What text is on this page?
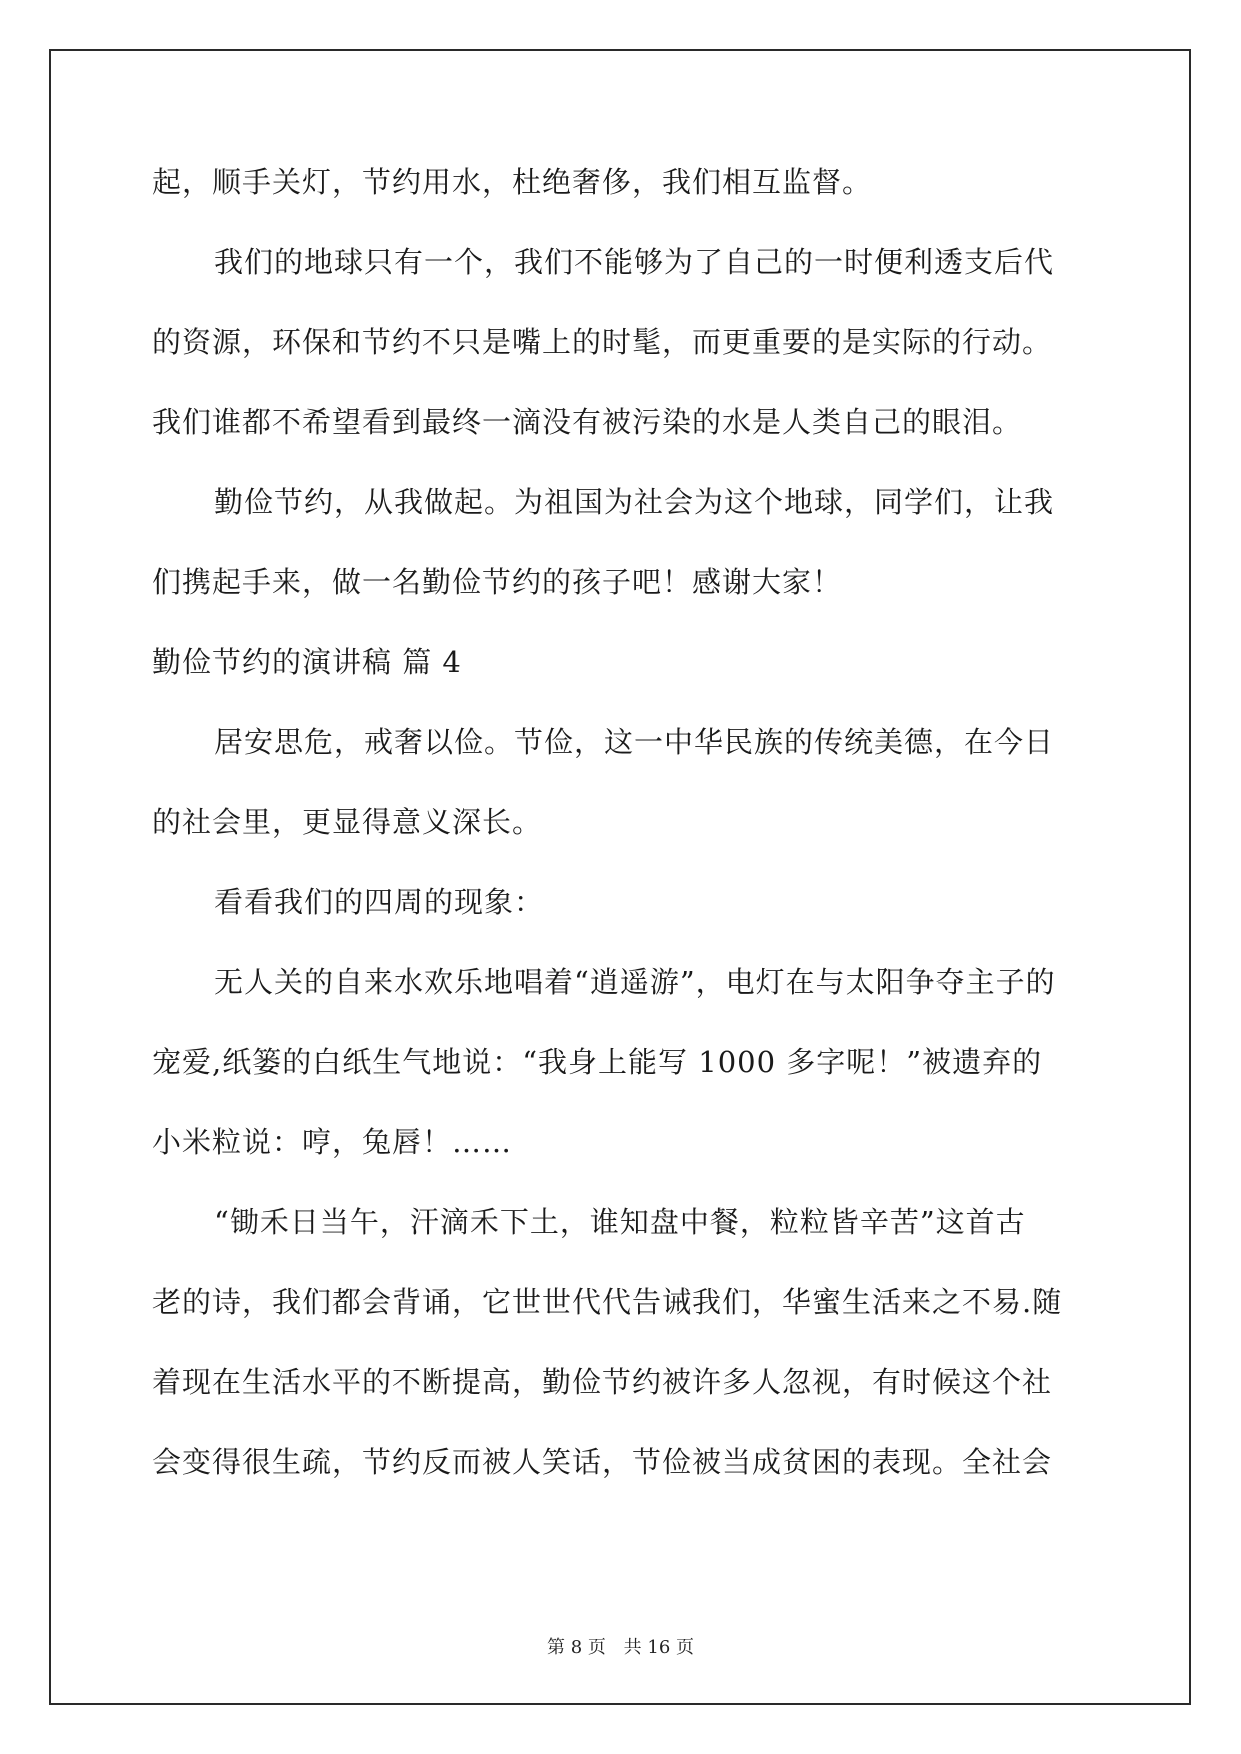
起，顺手关灯，节约用水，杜绝奢侈，我们相互监督。
我们的地球只有一个，我们不能够为了自己的一时便利透支后代
的资源，环保和节约不只是嘴上的时髦，而更重要的是实际的行动。
我们谁都不希望看到最终一滴没有被污染的水是人类自己的眼泪。
勤俭节约，从我做起。为祖国为社会为这个地球，同学们，让我
们携起手来，做一名勤俭节约的孩子吧！感谢大家！
勤俭节约的演讲稿 篇 4
居安思危，戒奢以俭。节俭，这一中华民族的传统美德，在今日
的社会里，更显得意义深长。
看看我们的四周的现象：
无人关的自来水欢乐地唱着“逍遥游”，电灯在与太阳争夺主子的
宠爱,纸篓的白纸生气地说：“我身上能写 1000 多字呢！”被遗弃的
小米粒说：哼，兔唇！……
“锄禾日当午，汗滴禾下土，谁知盘中餐，粒粒皆辛苦”这首古
老的诗，我们都会背诵，它世世代代告诫我们，华蜜生活来之不易.随
着现在生活水平的不断提高，勤俭节约被许多人忽视，有时候这个社
会变得很生疏，节约反而被人笑话，节俭被当成贫困的表现。全社会
第 8 页 共 16 页
